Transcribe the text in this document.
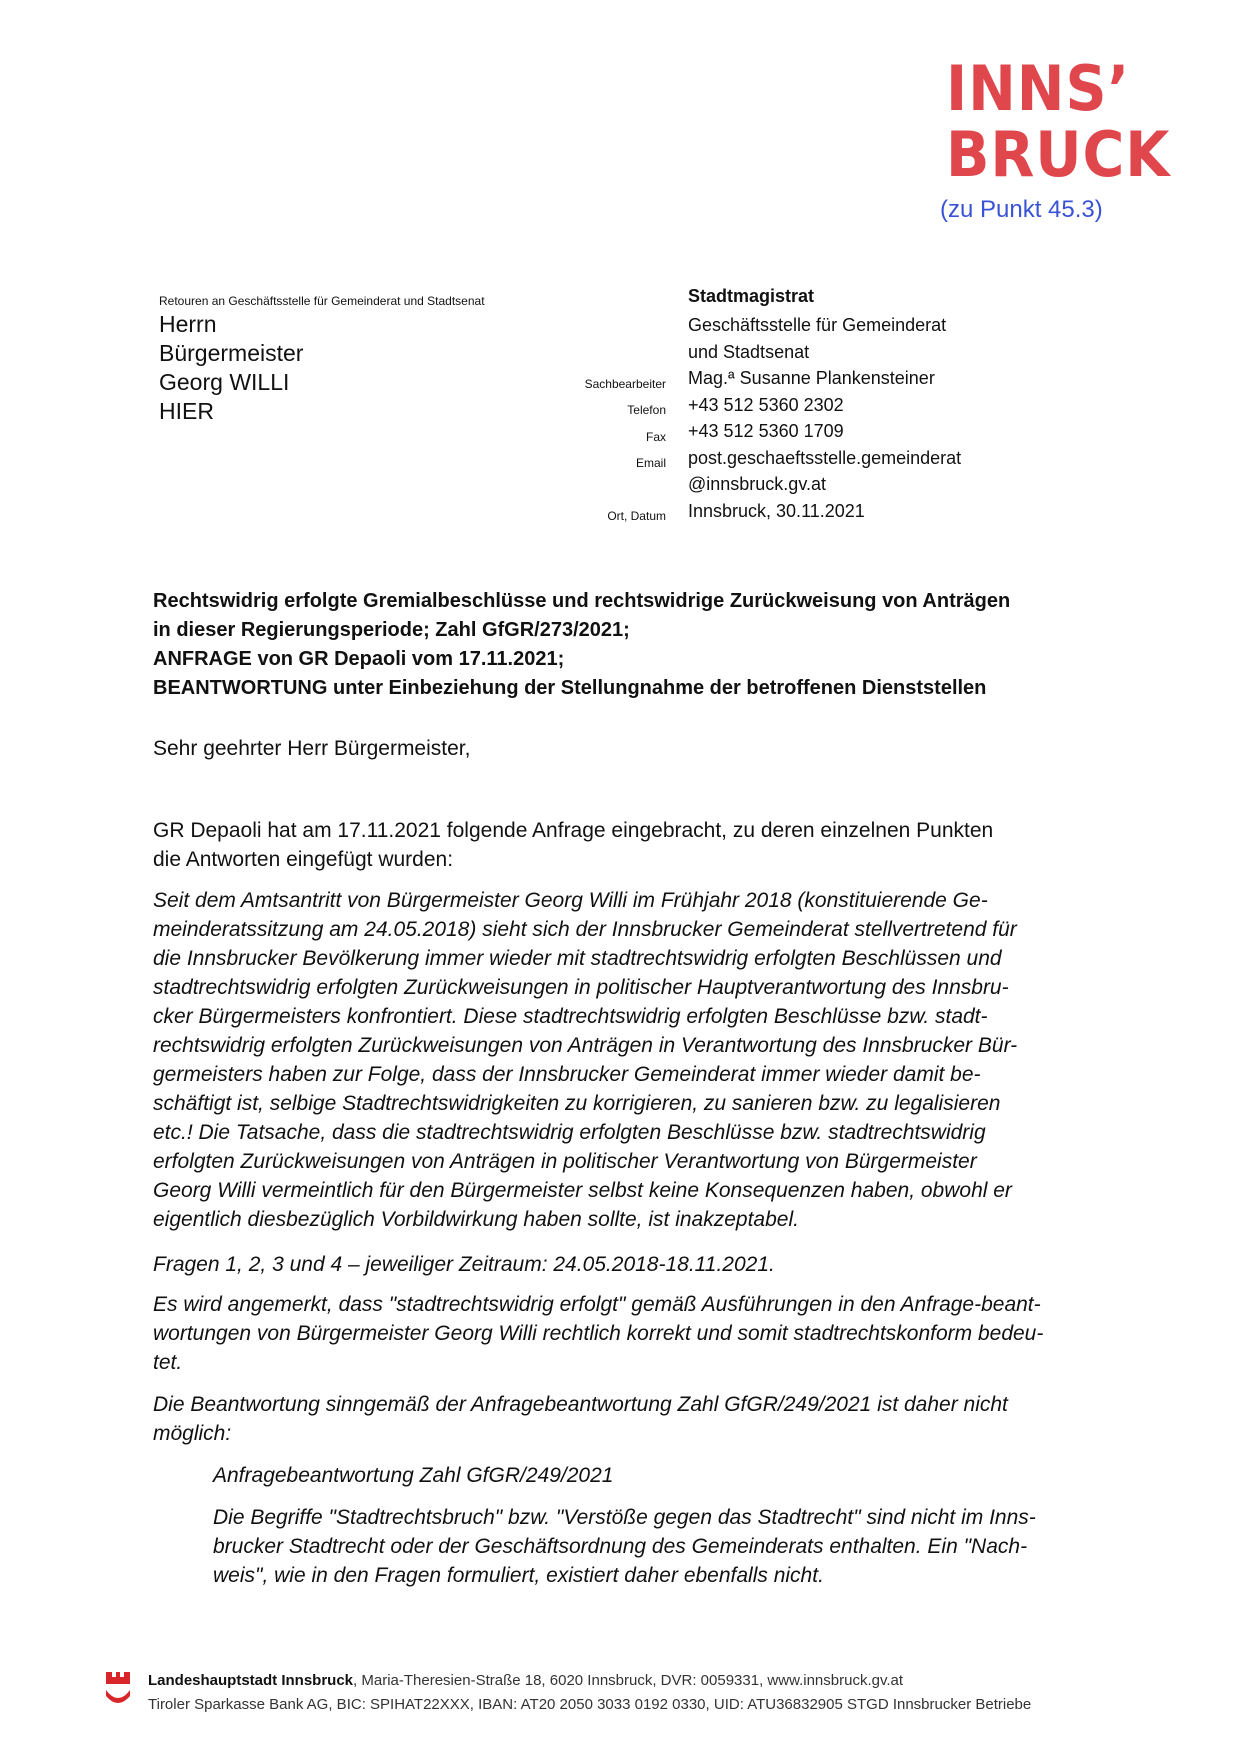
INNS’
BRUCK
(zu Punkt 45.3)
Retouren an Geschäftsstelle für Gemeinderat und Stadtsenat
Herrn
Bürgermeister
Georg WILLI
HIER
Stadtmagistrat
Geschäftsstelle für Gemeinderat
und Stadtsenat
Mag.ª Susanne Plankensteiner
+43 512 5360 2302
+43 512 5360 1709
post.geschaeftsstelle.gemeinderat
@innsbruck.gv.at
Innsbruck, 30.11.2021
Sachbearbeiter
Telefon
Fax
Email
Ort, Datum
Rechtswidrig erfolgte Gremialbeschlüsse und rechtswidrige Zurückweisung von Anträgen
in dieser Regierungsperiode; Zahl GfGR/273/2021;
ANFRAGE von GR Depaoli vom 17.11.2021;
BEANTWORTUNG unter Einbeziehung der Stellungnahme der betroffenen Dienststellen
Sehr geehrter Herr Bürgermeister,
GR Depaoli hat am 17.11.2021 folgende Anfrage eingebracht, zu deren einzelnen Punkten
die Antworten eingefügt wurden:
Seit dem Amtsantritt von Bürgermeister Georg Willi im Frühjahr 2018 (konstituierende Ge-
meinderatssitzung am 24.05.2018) sieht sich der Innsbrucker Gemeinderat stellvertretend für
die Innsbrucker Bevölkerung immer wieder mit stadtrechtswidrig erfolgten Beschlüssen und
stadtrechtswidrig erfolgten Zurückweisungen in politischer Hauptverantwortung des Innsbru-
cker Bürgermeisters konfrontiert. Diese stadtrechtswidrig erfolgten Beschlüsse bzw. stadt-
rechtswidrig erfolgten Zurückweisungen von Anträgen in Verantwortung des Innsbrucker Bür-
germeisters haben zur Folge, dass der Innsbrucker Gemeinderat immer wieder damit be-
schäftigt ist, selbige Stadtrechtswidrigkeiten zu korrigieren, zu sanieren bzw. zu legalisieren
etc.! Die Tatsache, dass die stadtrechtswidrig erfolgten Beschlüsse bzw. stadtrechtswidrig
erfolgten Zurückweisungen von Anträgen in politischer Verantwortung von Bürgermeister
Georg Willi vermeintlich für den Bürgermeister selbst keine Konsequenzen haben, obwohl er
eigentlich diesbezüglich Vorbildwirkung haben sollte, ist inakzeptabel.
Fragen 1, 2, 3 und 4 – jeweiliger Zeitraum: 24.05.2018-18.11.2021.
Es wird angemerkt, dass "stadtrechtswidrig erfolgt" gemäß Ausführungen in den Anfrage-beant-
wortungen von Bürgermeister Georg Willi rechtlich korrekt und somit stadtrechtskonform bedeu-
tet.
Die Beantwortung sinngemäß der Anfragebeantwortung Zahl GfGR/249/2021 ist daher nicht
möglich:
Anfragebeantwortung Zahl GfGR/249/2021
Die Begriffe "Stadtrechtsbruch" bzw. "Verstöße gegen das Stadtrecht" sind nicht im Inns-
brucker Stadtrecht oder der Geschäftsordnung des Gemeinderats enthalten. Ein "Nach-
weis", wie in den Fragen formuliert, existiert daher ebenfalls nicht.
Landeshauptstadt Innsbruck, Maria-Theresien-Straße 18, 6020 Innsbruck, DVR: 0059331, www.innsbruck.gv.at
Tiroler Sparkasse Bank AG, BIC: SPIHAT22XXX, IBAN: AT20 2050 3033 0192 0330, UID: ATU36832905 STGD Innsbrucker Betriebe
